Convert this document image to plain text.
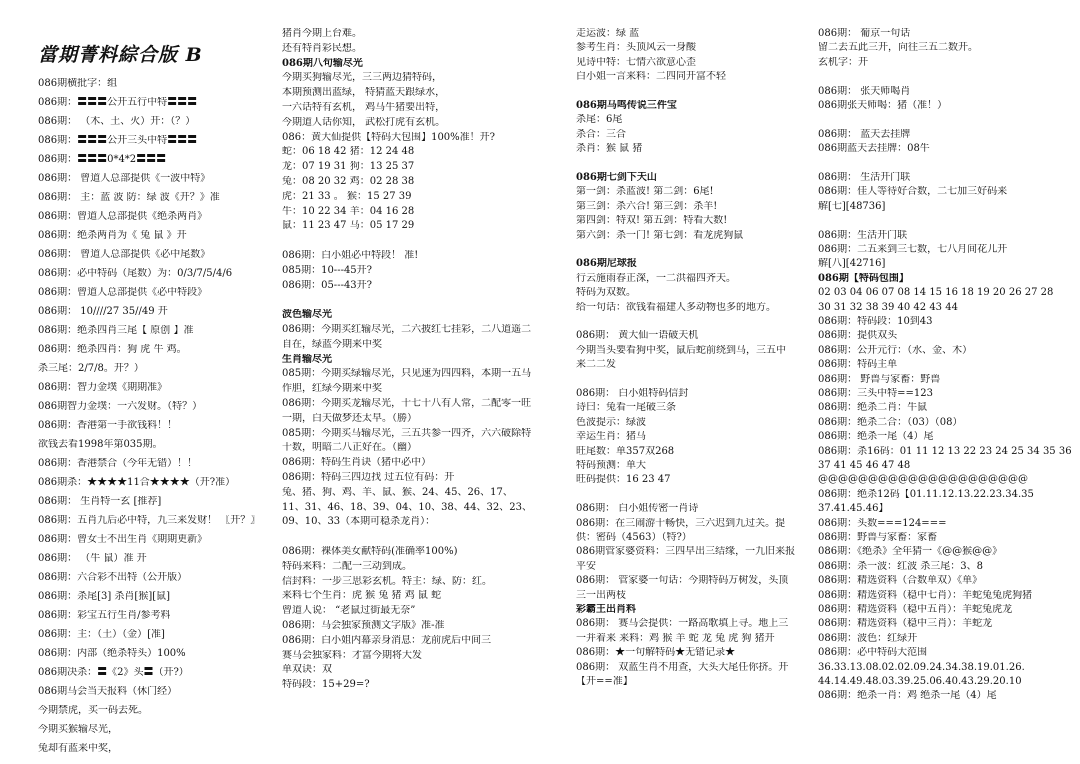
當期菁料綜合版 B
086期横批字：组
086期：〓〓〓公开五行中特〓〓〓
086期： （木、土、火）开：（？）
086期：〓〓〓公开三头中特〓〓〓
086期：〓〓〓0*4*2〓〓〓
086期： 曾道人总部提供《一波中特》
086期： 主：蓝 波 防：绿 波《开？》准
086期：曾道人总部提供《绝杀两肖》
086期：绝杀两肖为《 兔 鼠 》开
086期： 曾道人总部提供《必中尾数》
086期：必中特码（尾数）为：0/3/7/5/4/6
086期：曾道人总部提供《必中特段》
086期： 10////27 35//49 开
086期：绝杀四肖三尾【 原创 】准
086期：绝杀四肖：狗 虎 牛 鸡。
杀三尾：2/7/8。开？）
086期：智力金墣《期期准》
086期智力金墣：一六发财。（特？）
086期：香港第一手欲钱料！！
欲钱去看1998年第035期。
086期：香港禁合（今年无错）！！
086期杀：★★★★11合★★★★（开?准）
086期： 生肖特一玄 [推荐]
086期：五肖九后必中特，九三来发财！ 〖开？〗
086期：曾女士不出生肖《期期更新》
086期： （牛 鼠）准 开
086期：六合彩不出特（公开版）
086期：杀尾[3] 杀肖[猴][鼠]
086期：彩宝五行生肖/参考料
086期：主：（土）（金）[准]
086期：内部（绝杀特头）100%
086期决杀：〓《2》头〓（开?）
086期马会当天报料（休门经）
今期禁虎，买一码去死。
今期买猴输尽光，
兔却有蓝来中奖，
猪肖今期上台难。
还有特肖彩民想。
086期八句输尽光
今期买狗输尽光，三三两边猜特码，
本期预测出蓝绿， 特猜蓝天跟绿水，
一六话特有玄机， 鸡马牛猪要出特，
今期道人话你知， 武松打虎有玄机。
086：黄大仙提供【特码大包围】100%准！开?
蛇：06 18 42 猪：12 24 48
龙：07 19 31 狗：13 25 37
兔：08 20 32 鸡：02 28 38
虎：21 33 。 猴：15 27 39
牛：10 22 34 羊：04 16 28
鼠：11 23 47 马：05 17 29
086期：白小姐必中特段！ 准!
085期：10---45开?
086期：05---43开?
波色输尽光
086期：今期买红输尽光，二六披红七挂彩，二八道遥二
自在，绿蓝今期来中奖
生肖输尽光
085期：今期买绿输尽光，只见速为四四料，本期一五马
作胆，红绿今期来中奖
086期：今期买龙输尽光，十七十八有人常，二配零一旺
一期，白天做梦还太早。（勝）
085期：今期买马输尽光，三五共参一四齐，六六破除特
十数，明暗二八正好在。（幽）
086期：特码生肖诀（猪中必中）
086期：特码三四边找 过五位有码：开
兔、猪、狗、鸡、羊、鼠、猴、24、45、26、17、
11、31、46、18、39、04、10、38、44、32、23、
09、10、33（本期可稳杀龙肖）：
086期：裸体美女献特码(准确率100%)
特码来料：二配一三动到成。
信封料：一步三思彩玄机。特主：绿、防：红。
来料七个生肖：虎 猴 兔 猪 鸡 鼠 蛇
曾道人说： “老鼠过街最无奈”
086期：马会独家预测文字版》准-准
086期：白小姐内幕亲身消息：龙前虎后中间三
赛马会独家料：才富今期将大发
单双诀：双
特码段：15+29=?
走运波：绿 蓝
参考生肖：头顶风云一身酸
见诗中特：七情六欲意心歪
白小姐一言来料：二四同开富不轻
086期马鸣传说三件宝
杀尾：6尾
杀合：三合
杀肖：猴 鼠 猪
086期七剑下天山
第一剑：杀蓝波! 第二剑：6尾!
第三剑：杀六合! 第三剑：杀羊!
第四剑：特双! 第五剑：特看大数!
第六剑：杀一门! 第七剑：看龙虎狗鼠
086期尼球报
行云施雨春正深，一二洪福四齐天。
特码为双数。
给一句话：欲钱看福建人多动物也多的地方。
086期： 黄大仙一语破天机
今期当头要看狗中奖，鼠后蛇前绕到马，三五中
来二二发
086期： 白小姐特码信封
诗曰：兔看一尾破三条
色波提示：绿波
幸运生肖：猪马
旺尾数：单357双268
特码预测：单大
旺码提供：16 23 47
086期： 白小姐传密一肖诗
086期：在三闹游十畅快，三六迟到九过关。提
供：密码（4563）（特?）
086期管家婆资料：三四早出三结缘，一九旧来报
平安
086期： 管家婆一句话：今期特码万树发，头顶
三一出两枝
彩霸王出肖料
086期： 赛马会提供：一路高歌填上寻。地上三
一并着来 来料：鸡 猴 羊 蛇 龙 兔 虎 狗 猪开
086期：★一句解特码★无错记录★
086期： 双蓝生肖不用查，大头大尾任你挤。开
【开==准】
086期： 葡京一句话
留二去五此三开，向往三五二数开。
玄机字：开
086期： 张天师喝肖
086期张天师喝：猪（准！）
086期： 蓝天去挂牌
086期蓝天去挂牌：08牛
086期： 生活开门联
086期：佳人等待好合数，二七加三好码来
解[七][48736]
086期：生活开门联
086期：二五来到三七数，七八月间花儿开
解[八][42716]
086期【特码包围】
02 03 04 06 07 08 14 15 16 18 19 20 26 27 28
30 31 32 38 39 40 42 43 44
086期：特码段：10到43
086期：提供双头
086期：公开元行：（水、金、木）
086期：特码主单
086期： 野兽与家畜：野兽
086期：三头中特==123
086期：绝杀二肖：牛鼠
086期：绝杀二合：（03）（08）
086期：绝杀一尾（4）尾
086期：杀16码：01 11 12 13 22 23 24 25 34 35 36
37 41 45 46 47 48
@@@@@@@@@@@@@@@@@@@@@
086期：绝杀12码【01.11.12.13.22.23.34.35
37.41.45.46】
086期：头数===124===
086期：野兽与家畜：家畜
086期：《绝杀》全年猜一《@@猴@@》
086期：杀一波：红波 杀三尾：3、8
086期：精选资料（合数单双）《单》
086期：精选资料（稳中七肖）：羊蛇兔兔虎狗猪
086期：精选资料（稳中五肖）：羊蛇兔虎龙
086期：精选资料（稳中三肖）：羊蛇龙
086期：波色：红绿开
086期：必中特码大范围
36.33.13.08.02.02.09.24.34.38.19.01.26.
44.14.49.48.03.39.25.06.40.43.29.20.10
086期：绝杀一肖：鸡 绝杀一尾（4）尾
